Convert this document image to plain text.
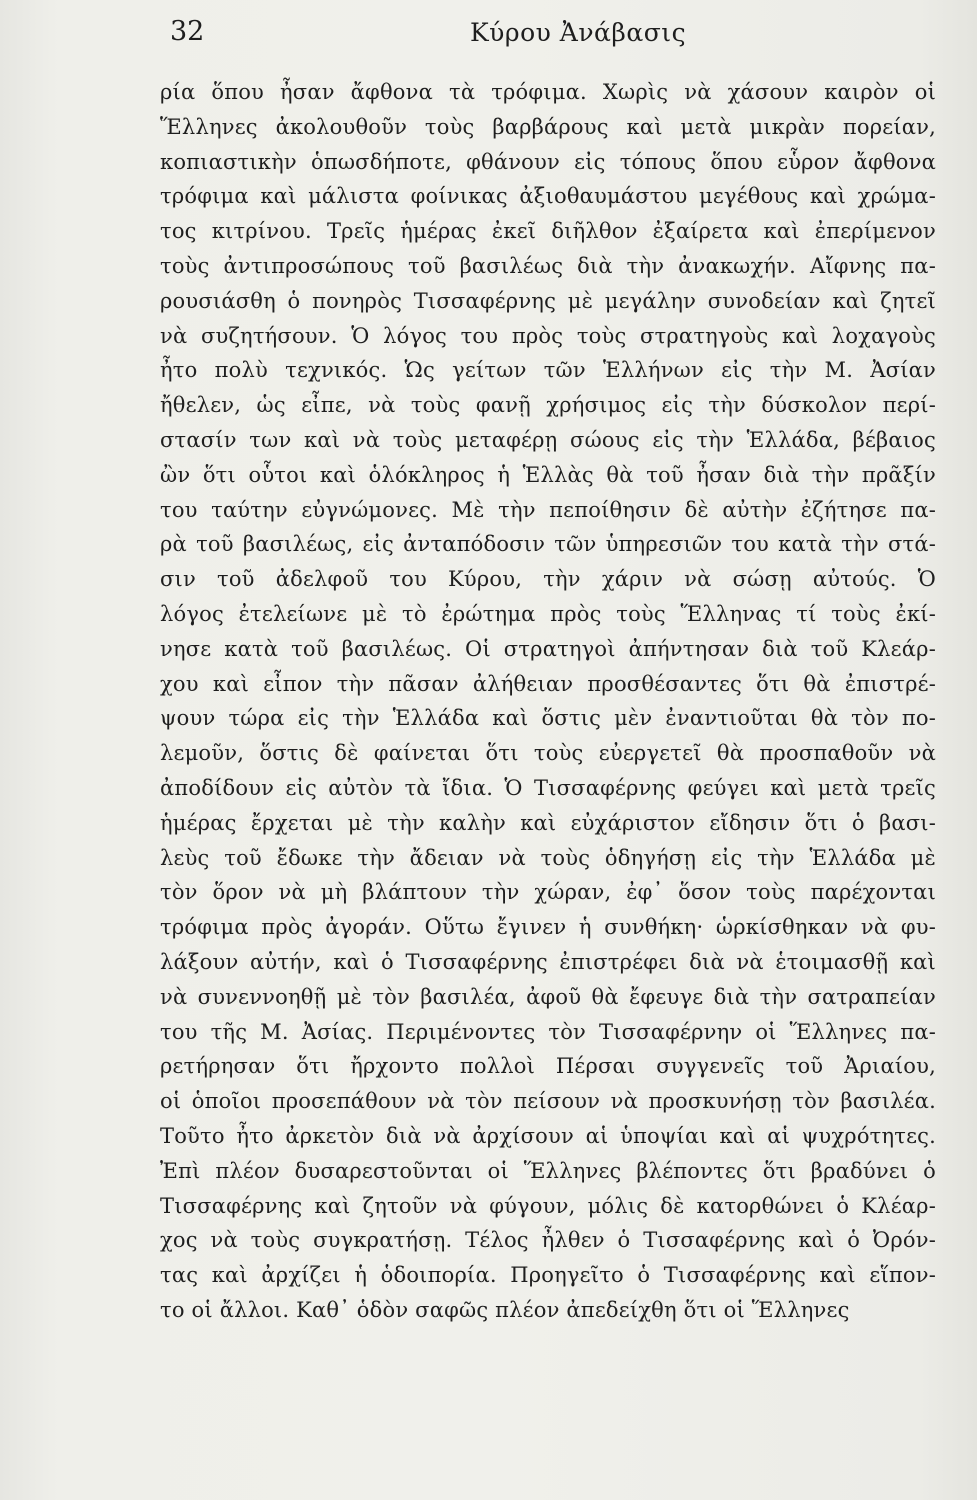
32	Κύρου Ἀνάβασις
ρία ὅπου ἦσαν ἄφθονα τὰ τρόφιμα. Χωρὶς νὰ χάσουν καιρὸν οἱ
Ἕλληνες ἀκολουθοῦν τοὺς βαρβάρους καὶ μετὰ μικρὰν πορείαν,
κοπιαστικὴν ὁπωσδήποτε, φθάνουν εἰς τόπους ὅπου εὗρον ἄφθονα
τρόφιμα καὶ μάλιστα φοίνικας ἀξιοθαυμάστου μεγέθους καὶ χρώμα-
τος κιτρίνου. Τρεῖς ἡμέρας ἐκεῖ διῆλθον ἐξαίρετα καὶ ἐπερίμενον
τοὺς ἀντιπροσώπους τοῦ βασιλέως διὰ τὴν ἀνακωχήν. Αἴφνης πα-
ρουσιάσθη ὁ πονηρὸς Τισσαφέρνης μὲ μεγάλην συνοδείαν καὶ ζητεῖ
νὰ συζητήσουν. Ὁ λόγος του πρὸς τοὺς στρατηγοὺς καὶ λοχαγοὺς
ἦτο πολὺ τεχνικός. Ὡς γείτων τῶν Ἑλλήνων εἰς τὴν Μ. Ἀσίαν
ἤθελεν, ὡς εἶπε, νὰ τοὺς φανῇ χρήσιμος εἰς τὴν δύσκολον περί-
στασίν των καὶ νὰ τοὺς μεταφέρῃ σώους εἰς τὴν Ἑλλάδα, βέβαιος
ὢν ὅτι οὗτοι καὶ ὁλόκληρος ἡ Ἑλλὰς θὰ τοῦ ἦσαν διὰ τὴν πρᾶξίν
του ταύτην εὐγνώμονες. Μὲ τὴν πεποίθησιν δὲ αὐτὴν ἐζήτησε πα-
ρὰ τοῦ βασιλέως, εἰς ἀνταπόδοσιν τῶν ὑπηρεσιῶν του κατὰ τὴν στά-
σιν τοῦ ἀδελφοῦ του Κύρου, τὴν χάριν νὰ σώσῃ αὐτούς. Ὁ
λόγος ἐτελείωνε μὲ τὸ ἐρώτημα πρὸς τοὺς Ἕλληνας τί τοὺς ἐκί-
νησε κατὰ τοῦ βασιλέως. Οἱ στρατηγοὶ ἀπήντησαν διὰ τοῦ Κλεάρ-
χου καὶ εἶπον τὴν πᾶσαν ἀλήθειαν προσθέσαντες ὅτι θὰ ἐπιστρέ-
ψουν τώρα εἰς τὴν Ἑλλάδα καὶ ὅστις μὲν ἐναντιοῦται θὰ τὸν πο-
λεμοῦν, ὅστις δὲ φαίνεται ὅτι τοὺς εὐεργετεῖ θὰ προσπαθοῦν νὰ
ἀποδίδουν εἰς αὐτὸν τὰ ἴδια. Ὁ Τισσαφέρνης φεύγει καὶ μετὰ τρεῖς
ἡμέρας ἔρχεται μὲ τὴν καλὴν καὶ εὐχάριστον εἴδησιν ὅτι ὁ βασι-
λεὺς τοῦ ἔδωκε τὴν ἄδειαν νὰ τοὺς ὁδηγήσῃ εἰς τὴν Ἑλλάδα μὲ
τὸν ὅρον νὰ μὴ βλάπτουν τὴν χώραν, ἐφ᾿ ὅσον τοὺς παρέχονται
τρόφιμα πρὸς ἀγοράν. Οὕτω ἔγινεν ἡ συνθήκη· ὡρκίσθηκαν νὰ φυ-
λάξουν αὐτήν, καὶ ὁ Τισσαφέρνης ἐπιστρέφει διὰ νὰ ἑτοιμασθῇ καὶ
νὰ συνεννοηθῇ μὲ τὸν βασιλέα, ἀφοῦ θὰ ἔφευγε διὰ τὴν σατραπείαν
του τῆς Μ. Ἀσίας. Περιμένοντες τὸν Τισσαφέρνην οἱ Ἕλληνες πα-
ρετήρησαν ὅτι ἤρχοντο πολλοὶ Πέρσαι συγγενεῖς τοῦ Ἀριαίου,
οἱ ὁποῖοι προσεπάθουν νὰ τὸν πείσουν νὰ προσκυνήσῃ τὸν βασιλέα.
Τοῦτο ἦτο ἀρκετὸν διὰ νὰ ἀρχίσουν αἱ ὑποψίαι καὶ αἱ ψυχρότητες.
Ἐπὶ πλέον δυσαρεστοῦνται οἱ Ἕλληνες βλέποντες ὅτι βραδύνει ὁ
Τισσαφέρνης καὶ ζητοῦν νὰ φύγουν, μόλις δὲ κατορθώνει ὁ Κλέαρ-
χος νὰ τοὺς συγκρατήσῃ. Τέλος ἦλθεν ὁ Τισσαφέρνης καὶ ὁ Ὀρόν-
τας καὶ ἀρχίζει ἡ ὁδοιπορία. Προηγεῖτο ὁ Τισσαφέρνης καὶ εἵπον-
το οἱ ἄλλοι. Καθ᾿ ὁδὸν σαφῶς πλέον ἀπεδείχθη ὅτι οἱ Ἕλληνες
